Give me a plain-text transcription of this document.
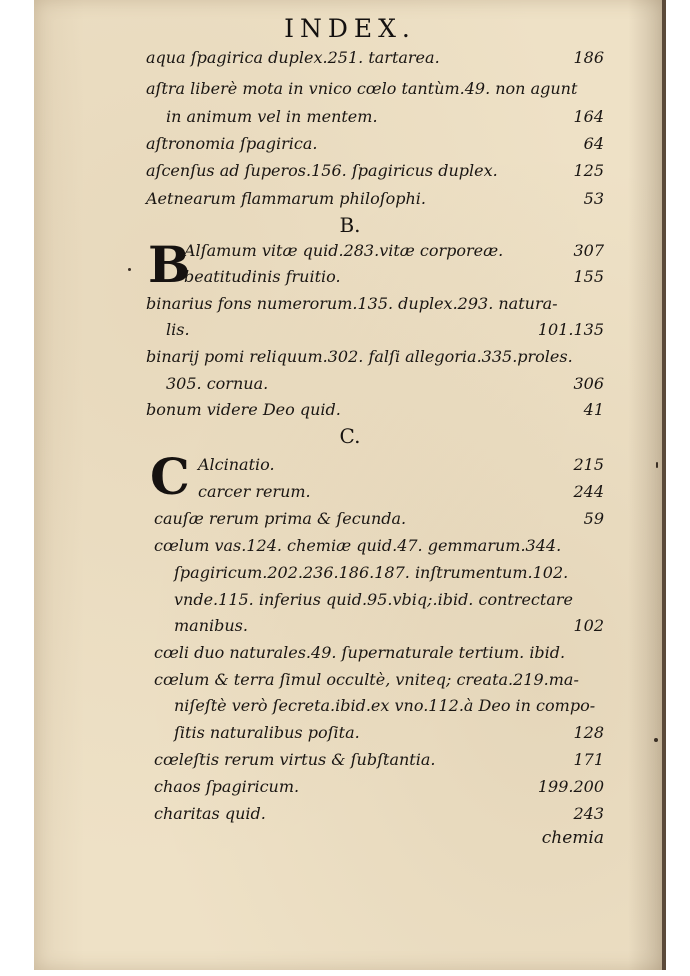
INDEX.
aqua ſpagirica duplex.251. tartarea.	186
aſtra liberè mota in vnico cœlo tantùm.49. non agunt
in animum vel in mentem.	164
aſtronomia ſpagirica.	64
aſcenſus ad ſuperos.156. ſpagiricus duplex.	125
Aetnearum flammarum philoſophi.	53
B.
B
Alſamum vitæ quid.283.vitæ corporeæ.	307
beatitudinis fruitio.	155
binarius fons numerorum.135. duplex.293. natura-
lis.	101.135
binarij pomi reliquum.302. falſi allegoria.335.proles.
305. cornua.	306
bonum videre Deo quid.	41
C.
C Alcinatio.	215
carcer rerum.	244
cauſæ rerum prima & ſecunda.	59
cœlum vas.124. chemiæ quid.47. gemmarum.344.
ſpagiricum.202.236.186.187. inſtrumentum.102.
vnde.115. inferius quid.95.vbiq;.ibid. contrectare
manibus.	102
cœli duo naturales.49. ſupernaturale tertium. ibid.
cœlum & terra ſimul occultè, vniteq; creata.219.ma-
niſeſtè verò ſecreta.ibid.ex vno.112.à Deo in compo-
ſitis naturalibus poſita.	128
cœleſtis rerum virtus & ſubſtantia.	171
chaos ſpagiricum.	199.200
charitas quid.	243
chemia
